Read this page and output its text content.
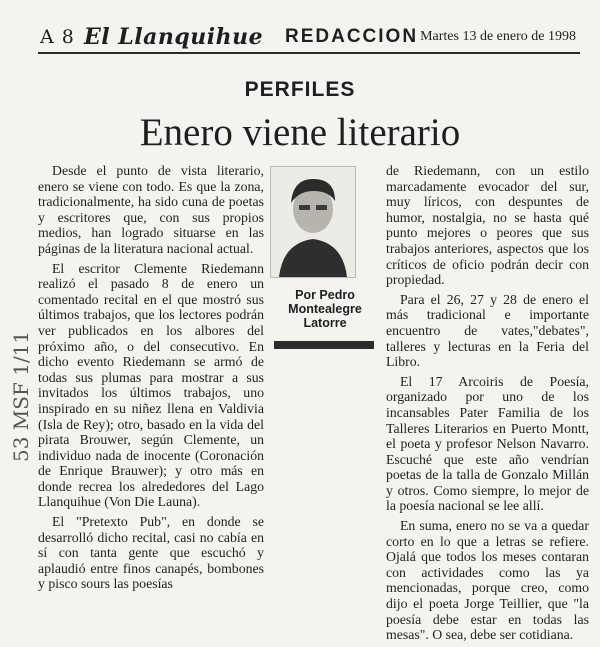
A 8 El Llanquihue REDACCION Martes 13 de enero de 1998
PERFILES
Enero viene literario

Desde el punto de vista literario, enero se viene con todo. Es que la zona, tradicionalmente, ha sido cuna de poetas y escritores que, con sus propios medios, han logrado situarse en las páginas de la literatura nacional actual.

El escritor Clemente Riedemann realizó el pasado 8 de enero un comentado recital en el que mostró sus últimos trabajos, que los lectores podrán ver publicados en los albores del próximo año, o del consecutivo. En dicho evento Riedemann se armó de todas sus plumas para mostrar a sus invitados los últimos trabajos, uno inspirado en su niñez llena en Valdivia (Isla de Rey); otro, basado en la vida del pirata Brouwer, según Clemente, un individuo nada de inocente (Coronación de Enrique Brauwer); y otro más en donde recrea los alrededores del Lago Llanquihue (Von Die Launa).

El "Pretexto Pub", en donde se desarrolló dicho recital, casi no cabía en sí con tanta gente que escuchó y aplaudió entre finos canapés, bombones y pisco sours las poesías

Por Pedro
Montealegre Latorre

de Riedemann, con un estilo marcadamente evocador del sur, muy líricos, con despuntes de humor, nostalgia, no se hasta qué punto mejores o peores que sus trabajos anteriores, aspectos que los críticos de oficio podrán decir con propiedad.

Para el 26, 27 y 28 de enero el más tradicional e importante encuentro de vates,"debates", talleres y lecturas en la Feria del Libro.

El 17 Arcoiris de Poesía, organizado por uno de los incansables Pater Familia de los Talleres Literarios en Puerto Montt, el poeta y profesor Nelson Navarro. Escuché que este año vendrían poetas de la talla de Gonzalo Millán y otros. Como siempre, lo mejor de la poesía nacional se lee allí.

En suma, enero no se va a quedar corto en lo que a letras se refiere. Ojalá que todos los meses contaran con actividades como las ya mencionadas, porque creo, como dijo el poeta Jorge Teillier, que "la poesía debe estar en todas las mesas". O sea, debe ser cotidiana.

53 MSF 1/11
